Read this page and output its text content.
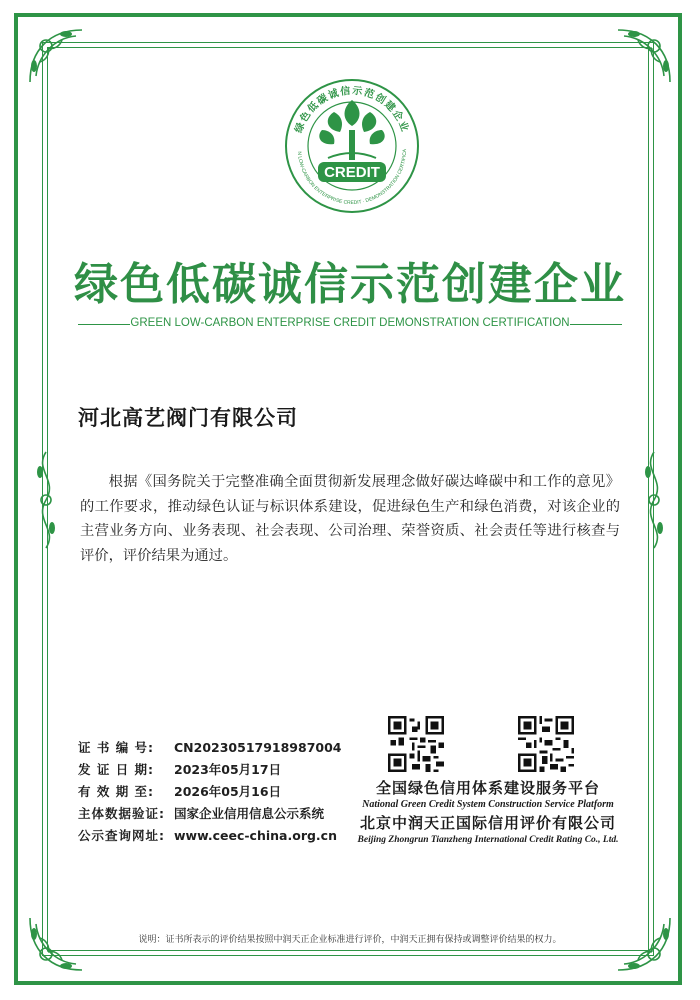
绿色低碳诚信示范创建企业
N LOW-CARBON ENTERPRISE CREDIT · DEMONSTRATION CERTIFICA
CREDIT
绿色低碳诚信示范创建企业
GREEN LOW-CARBON ENTERPRISE CREDIT DEMONSTRATION CERTIFICATION
河北高艺阀门有限公司
根据《国务院关于完整准确全面贯彻新发展理念做好碳达峰碳中和工作的意见》的工作要求，推动绿色认证与标识体系建设，促进绿色生产和绿色消费，对该企业的主营业务方向、业务表现、社会表现、公司治理、荣誉资质、社会责任等进行核查与评价，评价结果为通过。
证 书 编 号: CN20230517918987004
发 证 日 期: 2023年05月17日
有 效 期 至: 2026年05月16日
主体数据验证: 国家企业信用信息公示系统
公示查询网址: www.ceec-china.org.cn
全国绿色信用体系建设服务平台
National Green Credit System Construction Service Platform
北京中润天正国际信用评价有限公司
Beijing Zhongrun Tianzheng International Credit Rating Co., Ltd.
说明：证书所表示的评价结果按照中润天正企业标准进行评价，中润天正拥有保持或调整评价结果的权力。
